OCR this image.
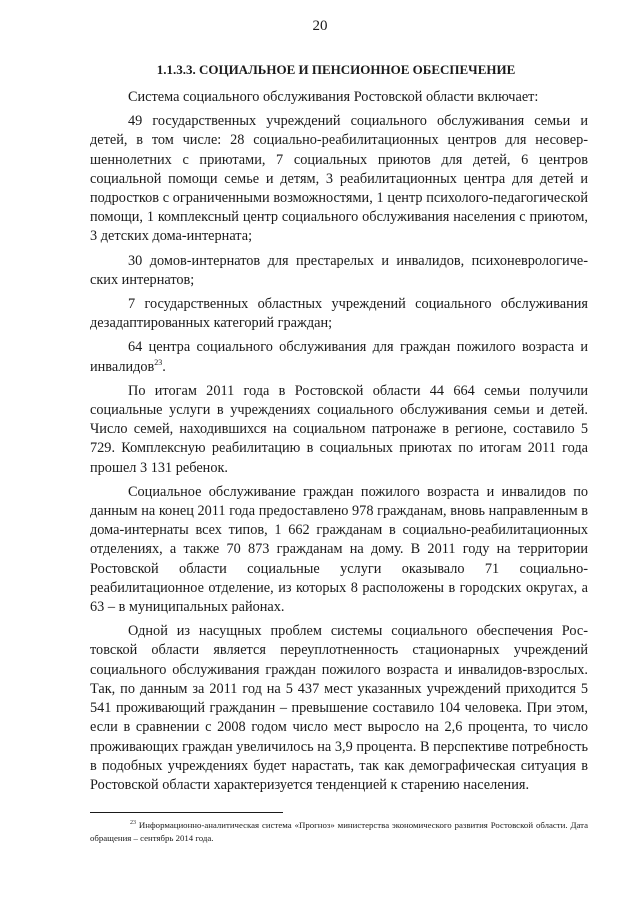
20
1.1.3.3. СОЦИАЛЬНОЕ И ПЕНСИОННОЕ ОБЕСПЕЧЕНИЕ

Система социального обслуживания Ростовской области включает:

49 государственных учреждений социального обслуживания семьи и детей, в том числе: 28 социально-реабилитационных центров для несовершеннолетних с приютами, 7 социальных приютов для детей, 6 центров социальной помощи семье и детям, 3 реабилитационных центра для детей и подростков с ограниченными возможностями, 1 центр психолого-педагогической помощи, 1 комплексный центр социального обслуживания населения с приютом, 3 детских дома-интерната;

30 домов-интернатов для престарелых и инвалидов, психоневрологических интернатов;

7 государственных областных учреждений социального обслуживания дезадаптированных категорий граждан;

64 центра социального обслуживания для граждан пожилого возраста и инвалидов$^{23}$.

По итогам 2011 года в Ростовской области 44 664 семьи получили социальные услуги в учреждениях социального обслуживания семьи и детей. Число семей, находившихся на социальном патронаже в регионе, составило 5 729. Комплексную реабилитацию в социальных приютах по итогам 2011 года прошел 3 131 ребенок.

Социальное обслуживание граждан пожилого возраста и инвалидов по данным на конец 2011 года предоставлено 978 гражданам, вновь направленным в дома-интернаты всех типов, 1 662 гражданам в социально-реабилитационных отделениях, а также 70 873 гражданам на дому. В 2011 году на территории Ростовской области социальные услуги оказывало 71 социально-реабилитационное отделение, из которых 8 расположены в городских округах, а 63 – в муниципальных районах.

Одной из насущных проблем системы социального обеспечения Ростовской области является переуплотненность стационарных учреждений социального обслуживания граждан пожилого возраста и инвалидов-взрослых. Так, по данным за 2011 год на 5 437 мест указанных учреждений приходится 5 541 проживающий гражданин – превышение составило 104 человека. При этом, если в сравнении с 2008 годом число мест выросло на 2,6 процента, то число проживающих граждан увеличилось на 3,9 процента. В перспективе потребность в подобных учреждениях будет нарастать, так как демографическая ситуация в Ростовской области характеризуется тенденцией к старению населения.

$^{23}$ Информационно-аналитическая система «Прогноз» министерства экономического развития Ростовской области. Дата обращения – сентябрь 2014 года.
